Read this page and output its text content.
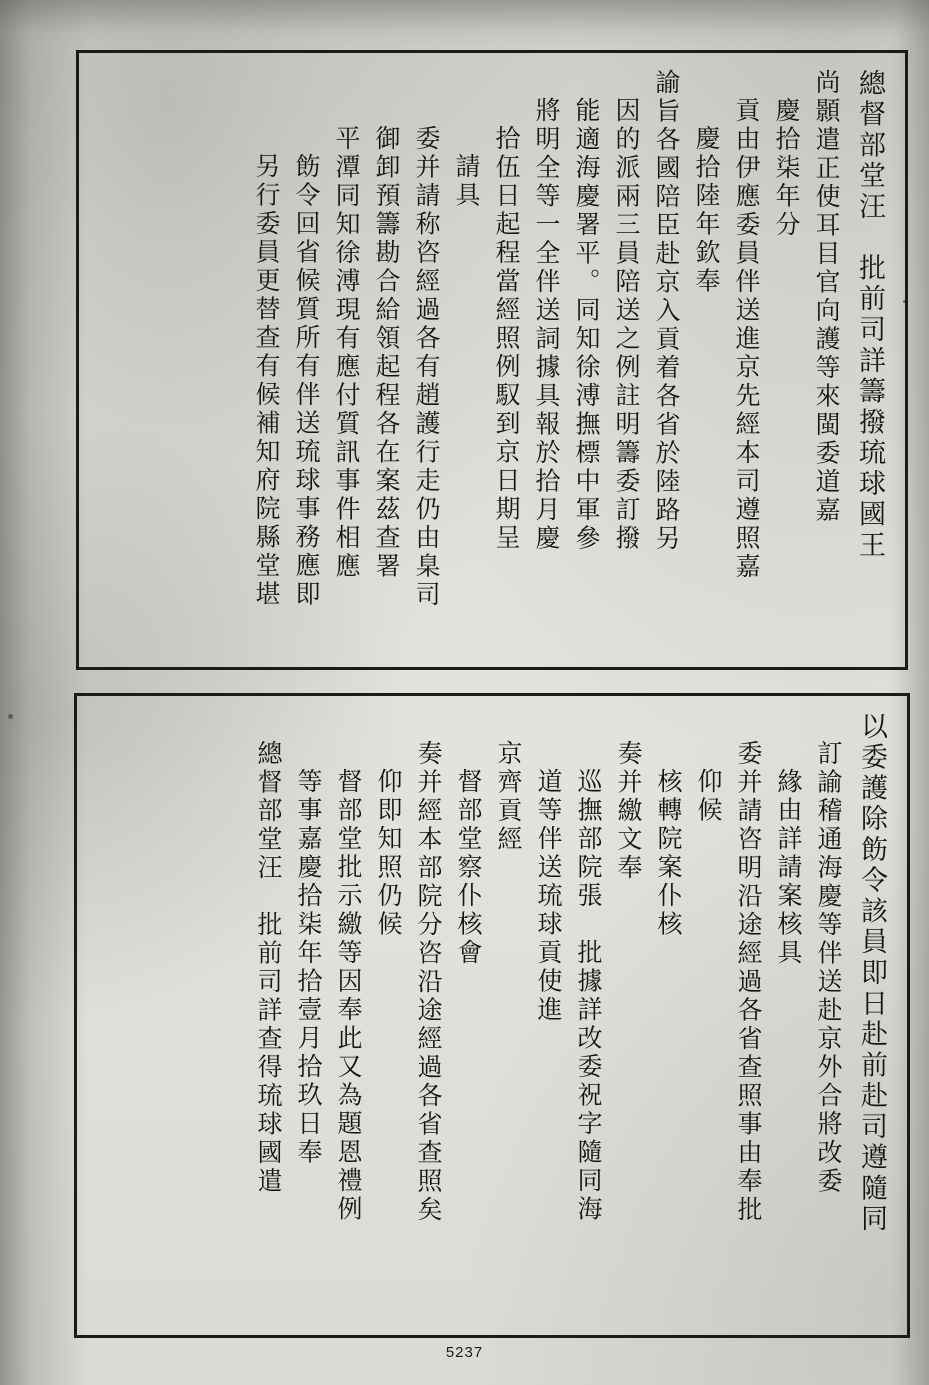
總督部堂汪　批前司詳籌撥琉球國王
尚顥遣正使耳目官向護等來閩委道嘉
慶拾柒年分
貢由伊應委員伴送進京先經本司遵照嘉
慶拾陸年欽奉
諭旨各國陪臣赴京入貢着各省於陸路另
因的派兩三員陪送之例註明籌委訂撥
能適海慶署平。同知徐溥撫標中軍參
將明全等一全伴送詞據具報於拾月慶
拾伍日起程當經照例馭到京日期呈
請具
委并請称咨經過各有趙護行走仍由臬司
御卸預籌勘合給領起程各在案茲查署
平潭同知徐溥現有應付質訊事件相應
飭令回省候質所有伴送琉球事務應即
另行委員更替查有候補知府院縣堂堪
以委護除飭令該員即日赴前赴司遵隨同
訂諭稽通海慶等伴送赴京外合將改委
緣由詳請案核具
委并請咨明沿途經過各省查照事由奉批
仰候
核轉院案仆核
奏并繳文奉
巡撫部院張　批據詳改委祝字隨同海
道等伴送琉球貢使進
京齊貢經
督部堂察仆核會
奏并經本部院分咨沿途經過各省查照矣
仰即知照仍候
督部堂批示繳等因奉此又為題恩禮例
等事嘉慶拾柒年拾壹月拾玖日奉
總督部堂汪　批前司詳查得琉球國遣
5237
